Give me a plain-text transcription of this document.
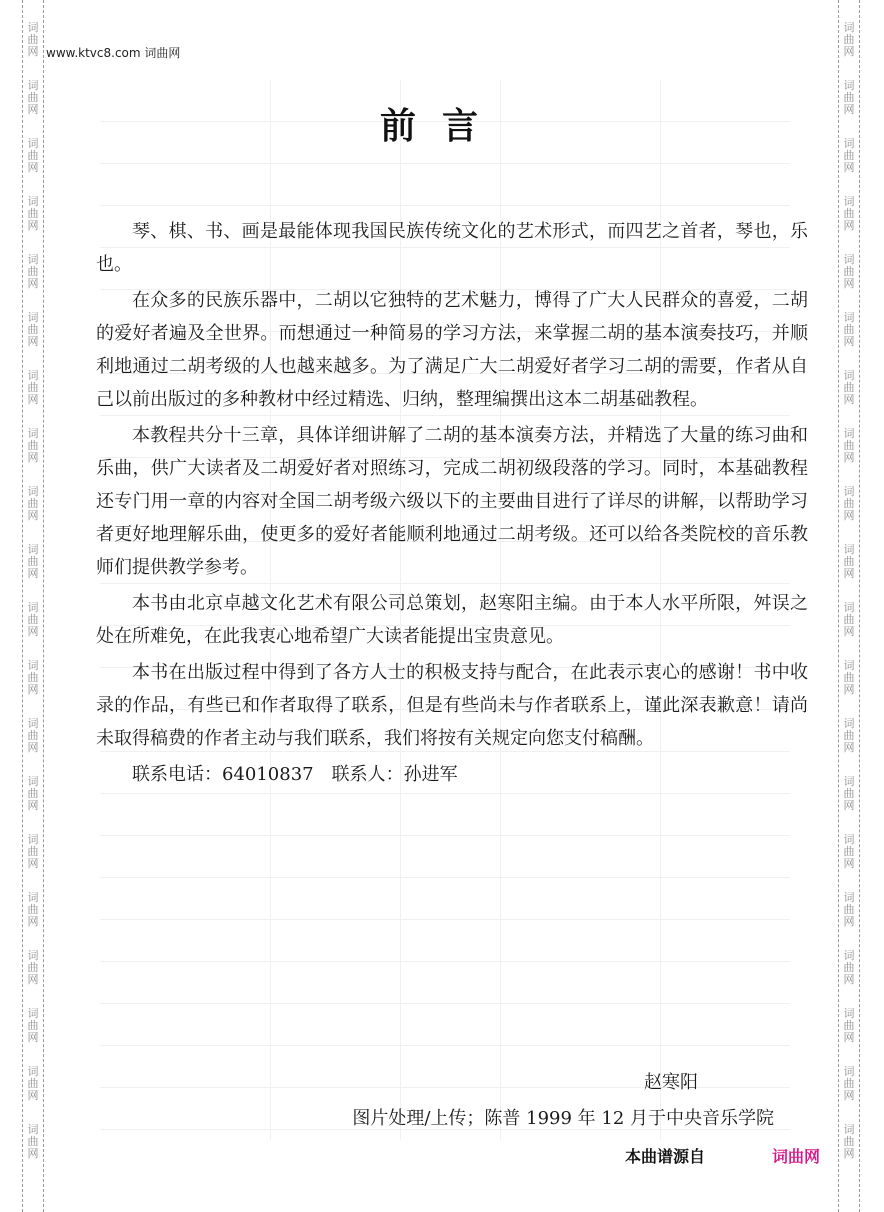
词
曲
网
词
曲
网
词
曲
网
词
曲
网
词
曲
网
词
曲
网
词
曲
网
词
曲
网
词
曲
网
词
曲
网
词
曲
网
词
曲
网
词
曲
网
词
曲
网
词
曲
网
词
曲
网
词
曲
网
词
曲
网
词
曲
网
词
曲
网
词
曲
网
词
曲
网
词
曲
网
词
曲
网
词
曲
网
词
曲
网
词
曲
网
词
曲
网
词
曲
网
词
曲
网
词
曲
网
词
曲
网
词
曲
网
词
曲
网
词
曲
网
词
曲
网
词
曲
网
词
曲
网
词
曲
网
词
曲
网
www.ktvc8.com 词曲网
前言

琴、棋、书、画是最能体现我国民族传统文化的艺术形式，而四艺之首者，琴也，乐也。

在众多的民族乐器中，二胡以它独特的艺术魅力，博得了广大人民群众的喜爱，二胡的爱好者遍及全世界。而想通过一种简易的学习方法，来掌握二胡的基本演奏技巧，并顺利地通过二胡考级的人也越来越多。为了满足广大二胡爱好者学习二胡的需要，作者从自己以前出版过的多种教材中经过精选、归纳，整理编撰出这本二胡基础教程。

本教程共分十三章，具体详细讲解了二胡的基本演奏方法，并精选了大量的练习曲和乐曲，供广大读者及二胡爱好者对照练习，完成二胡初级段落的学习。同时，本基础教程还专门用一章的内容对全国二胡考级六级以下的主要曲目进行了详尽的讲解，以帮助学习者更好地理解乐曲，使更多的爱好者能顺利地通过二胡考级。还可以给各类院校的音乐教师们提供教学参考。

本书由北京卓越文化艺术有限公司总策划，赵寒阳主编。由于本人水平所限，舛误之处在所难免，在此我衷心地希望广大读者能提出宝贵意见。

本书在出版过程中得到了各方人士的积极支持与配合，在此表示衷心的感谢！书中收录的作品，有些已和作者取得了联系，但是有些尚未与作者联系上，谨此深表歉意！请尚未取得稿费的作者主动与我们联系，我们将按有关规定向您支付稿酬。

联系电话：64010837　联系人：孙进军

赵寒阳
图片处理/上传；陈普 1999 年 12 月于中央音乐学院
本曲谱源自	词曲网
